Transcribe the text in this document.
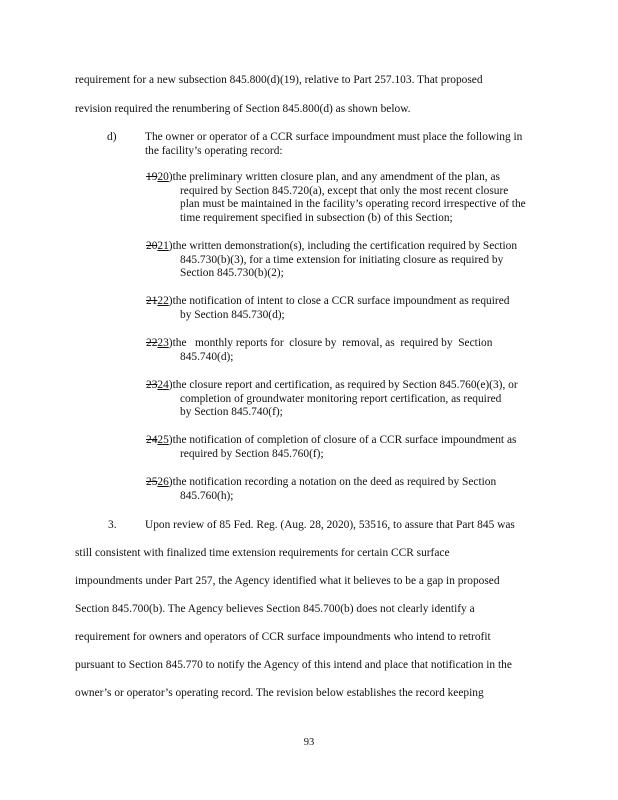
requirement for a new subsection 845.800(d)(19), relative to Part 257.103. That proposed
revision required the renumbering of Section 845.800(d) as shown below.
d)	The owner or operator of a CCR surface impoundment must place the following in
the facility’s operating record:
1920)the preliminary written closure plan, and any amendment of the plan, as
required by Section 845.720(a), except that only the most recent closure
plan must be maintained in the facility’s operating record irrespective of the
time requirement specified in subsection (b) of this Section;
2021)the written demonstration(s), including the certification required by Section
845.730(b)(3), for a time extension for initiating closure as required by
Section 845.730(b)(2);
2122)the notification of intent to close a CCR surface impoundment as required
by Section 845.730(d);
2223)the   monthly reports for  closure by  removal, as  required by  Section
845.740(d);
2324)the closure report and certification, as required by Section 845.760(e)(3), or
completion of groundwater monitoring report certification, as required
by Section 845.740(f);
2425)the notification of completion of closure of a CCR surface impoundment as
required by Section 845.760(f);
2526)the notification recording a notation on the deed as required by Section
845.760(h);
3. Upon review of 85 Fed. Reg. (Aug. 28, 2020), 53516, to assure that Part 845 was
still consistent with finalized time extension requirements for certain CCR surface
impoundments under Part 257, the Agency identified what it believes to be a gap in proposed
Section 845.700(b). The Agency believes Section 845.700(b) does not clearly identify a
requirement for owners and operators of CCR surface impoundments who intend to retrofit
pursuant to Section 845.770 to notify the Agency of this intend and place that notification in the
owner’s or operator’s operating record. The revision below establishes the record keeping
93
